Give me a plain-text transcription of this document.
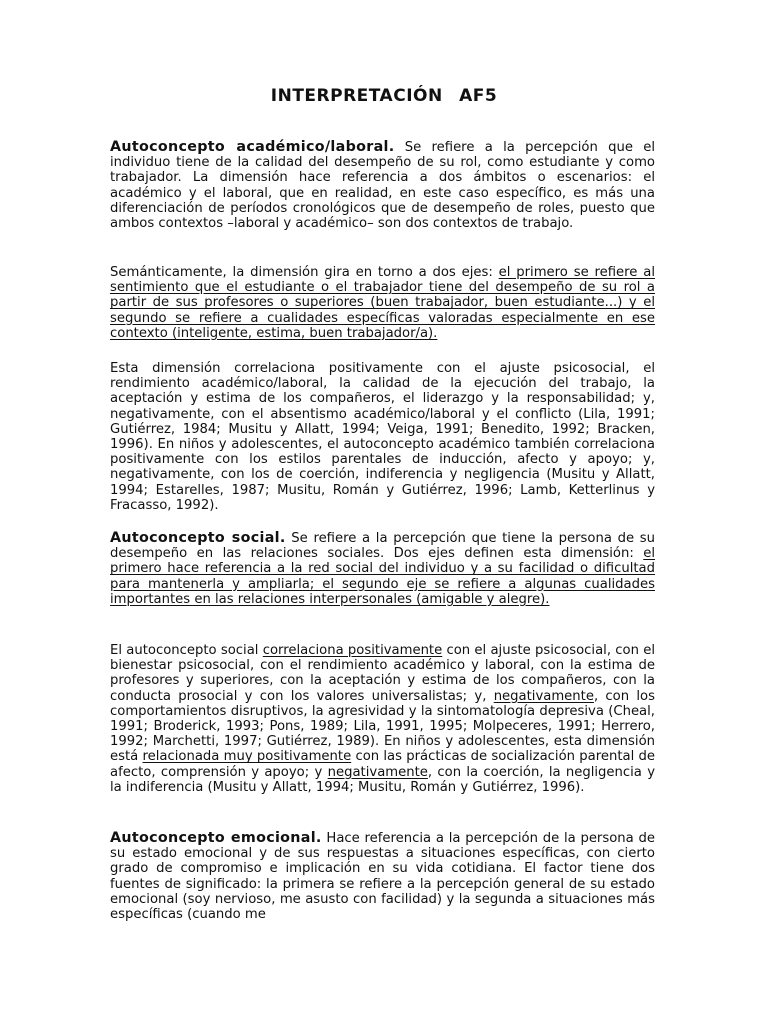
INTERPRETACIÓN AF5
Autoconcepto académico/laboral. Se refiere a la percepción que el individuo tiene de la calidad del desempeño de su rol, como estudiante y como trabajador. La dimensión hace referencia a dos ámbitos o escenarios: el académico y el laboral, que en realidad, en este caso específico, es más una diferenciación de períodos cronológicos que de desempeño de roles, puesto que ambos contextos –laboral y académico– son dos contextos de trabajo.
Semánticamente, la dimensión gira en torno a dos ejes: el primero se refiere al sentimiento que el estudiante o el trabajador tiene del desempeño de su rol a partir de sus profesores o superiores (buen trabajador, buen estudiante...) y el segundo se refiere a cualidades específicas valoradas especialmente en ese contexto (inteligente, estima, buen trabajador/a).
Esta dimensión correlaciona positivamente con el ajuste psicosocial, el rendimiento académico/laboral, la calidad de la ejecución del trabajo, la aceptación y estima de los compañeros, el liderazgo y la responsabilidad; y, negativamente, con el absentismo académico/laboral y el conflicto (Lila, 1991; Gutiérrez, 1984; Musitu y Allatt, 1994; Veiga, 1991; Benedito, 1992; Bracken, 1996). En niños y adolescentes, el autoconcepto académico también correlaciona positivamente con los estilos parentales de inducción, afecto y apoyo; y, negativamente, con los de coerción, indiferencia y negligencia (Musitu y Allatt, 1994; Estarelles, 1987; Musitu, Román y Gutiérrez, 1996; Lamb, Ketterlinus y Fracasso, 1992).
Autoconcepto social. Se refiere a la percepción que tiene la persona de su desempeño en las relaciones sociales. Dos ejes definen esta dimensión: el primero hace referencia a la red social del individuo y a su facilidad o dificultad para mantenerla y ampliarla; el segundo eje se refiere a algunas cualidades importantes en las relaciones interpersonales (amigable y alegre).
El autoconcepto social correlaciona positivamente con el ajuste psicosocial, con el bienestar psicosocial, con el rendimiento académico y laboral, con la estima de profesores y superiores, con la aceptación y estima de los compañeros, con la conducta prosocial y con los valores universalistas; y, negativamente, con los comportamientos disruptivos, la agresividad y la sintomatología depresiva (Cheal, 1991; Broderick, 1993; Pons, 1989; Lila, 1991, 1995; Molpeceres, 1991; Herrero, 1992; Marchetti, 1997; Gutiérrez, 1989). En niños y adolescentes, esta dimensión está relacionada muy positivamente con las prácticas de socialización parental de afecto, comprensión y apoyo; y negativamente, con la coerción, la negligencia y la indiferencia (Musitu y Allatt, 1994; Musitu, Román y Gutiérrez, 1996).
Autoconcepto emocional. Hace referencia a la percepción de la persona de su estado emocional y de sus respuestas a situaciones específicas, con cierto grado de compromiso e implicación en su vida cotidiana. El factor tiene dos fuentes de significado: la primera se refiere a la percepción general de su estado emocional (soy nervioso, me asusto con facilidad) y la segunda a situaciones más específicas (cuando me
